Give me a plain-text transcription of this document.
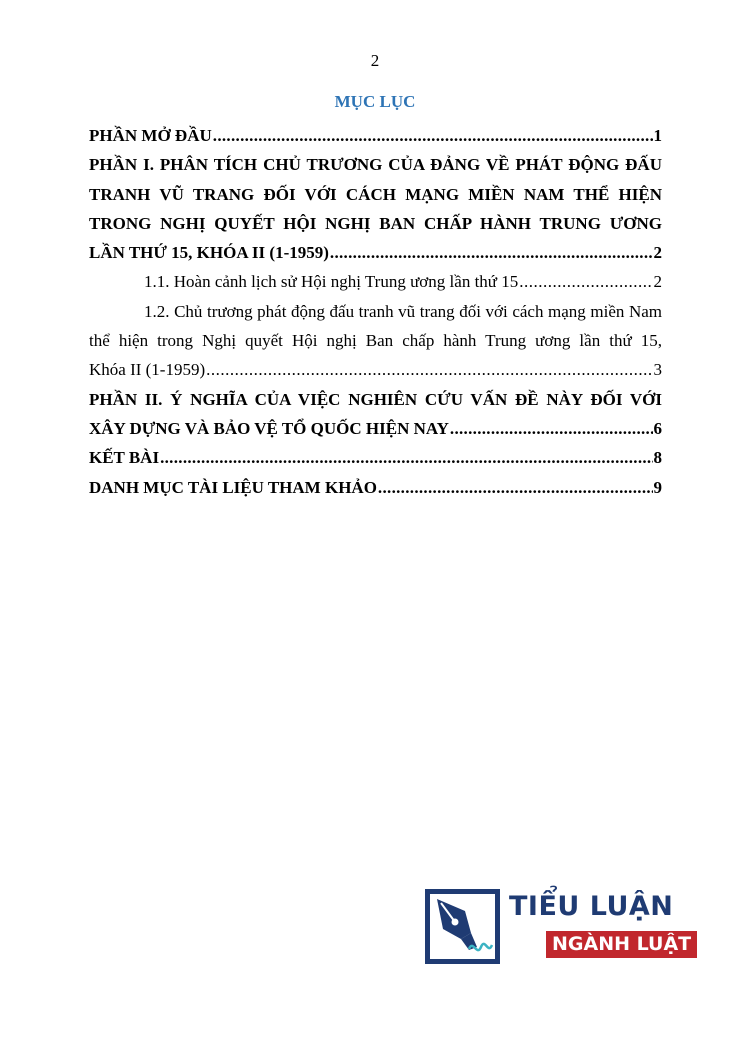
2
MỤC LỤC
PHẦN MỞ ĐẦU .....	1
PHẦN I. PHÂN TÍCH CHỦ TRƯƠNG CỦA ĐẢNG VỀ PHÁT ĐỘNG ĐẤU TRANH VŨ TRANG ĐỐI VỚI CÁCH MẠNG MIỀN NAM THỂ HIỆN TRONG NGHỊ QUYẾT HỘI NGHỊ BAN CHẤP HÀNH TRUNG ƯƠNG
LẦN THỨ 15, KHÓA II (1-1959) .....	2
1.1. Hoàn cảnh lịch sử Hội nghị Trung ương lần thứ 15 .....	2
1.2. Chủ trương phát động đấu tranh vũ trang đối với cách mạng miền Nam thể hiện trong Nghị quyết Hội nghị Ban chấp hành Trung ương lần thứ 15,
Khóa II (1-1959) .....	3
PHẦN II. Ý NGHĨA CỦA VIỆC NGHIÊN CỨU VẤN ĐỀ NÀY ĐỐI VỚI
XÂY DỰNG VÀ BẢO VỆ TỔ QUỐC HIỆN NAY .....	6
KẾT BÀI .....	8
DANH MỤC TÀI LIỆU THAM KHẢO .....	9
TIỂU LUẬN
NGÀNH LUẬT
